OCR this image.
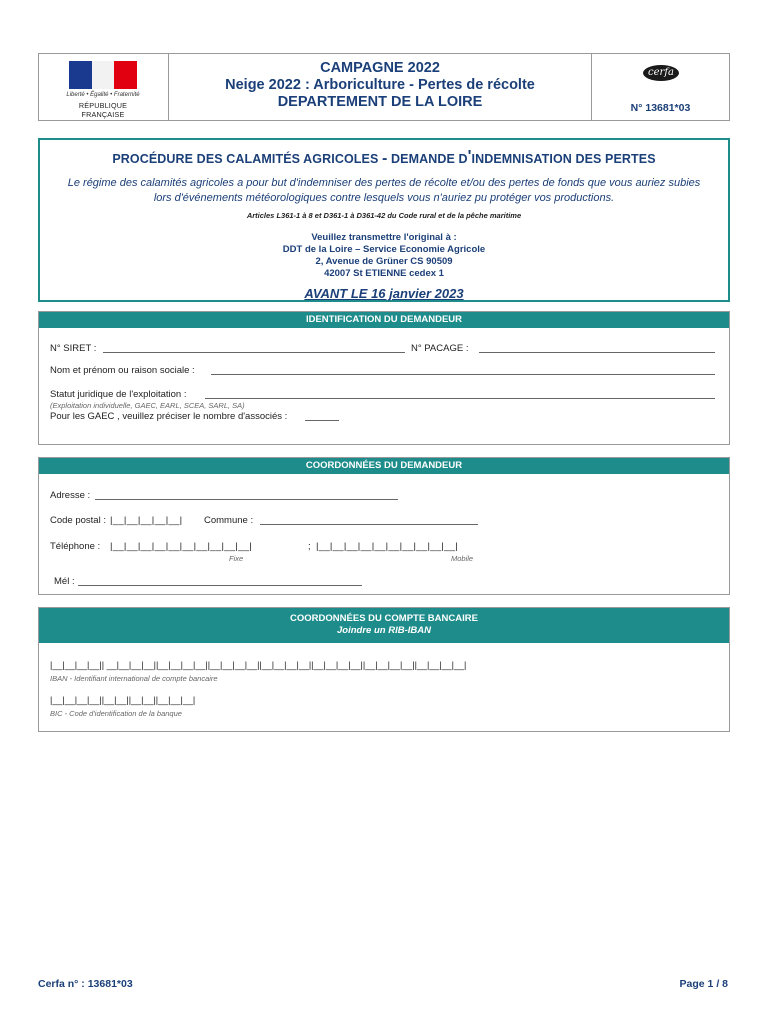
Liberté • Égalité • Fraternité
RÉPUBLIQUE FRANÇAISE
CAMPAGNE 2022
Neige 2022 : Arboriculture - Pertes de récolte
DEPARTEMENT DE LA LOIRE
cerfa
N° 13681*03
PROCÉDURE DES CALAMITÉS AGRICOLES - DEMANDE D'INDEMNISATION DES PERTES
Le régime des calamités agricoles a pour but d'indemniser des pertes de récolte et/ou des pertes de fonds que vous auriez subies
lors d'événements météorologiques contre lesquels vous n'auriez pu protéger vos productions.
Articles L361-1 à 8 et D361-1 à D361-42 du Code rural et de la pêche maritime
Veuillez transmettre l'original à :
DDT de la Loire – Service Economie Agricole
2, Avenue de Grüner CS 90509
42007 St ETIENNE cedex 1
AVANT LE 16 janvier 2023
IDENTIFICATION DU DEMANDEUR
N° SIRET :	N° PACAGE :
Nom et prénom ou raison sociale :
Statut juridique de l'exploitation :
(Exploitation individuelle, GAEC, EARL, SCEA, SARL, SA)
Pour les GAEC , veuillez préciser le nombre d'associés :
COORDONNÉES DU DEMANDEUR
Adresse :
Code postal : |__|__|__|__|__| Commune :
Téléphone : |__|__|__|__|__|__|__|__|__|__|	; |__|__|__|__|__|__|__|__|__|__|
Fixe	Mobile
Mél :
COORDONNÉES DU COMPTE BANCAIRE
Joindre un RIB-IBAN
|__|__|__|__|| __|__|__|__||__|__|__|__||__|__|__|__||__|__|__|__||__|__|__|__||__|__|__|__||__|__|__|__|
IBAN - Identifiant international de compte bancaire
|__|__|__|__||__|__||__|__||__|__|__|
BIC - Code d'identification de la banque
Cerfa n° : 13681*03	Page 1 / 8
